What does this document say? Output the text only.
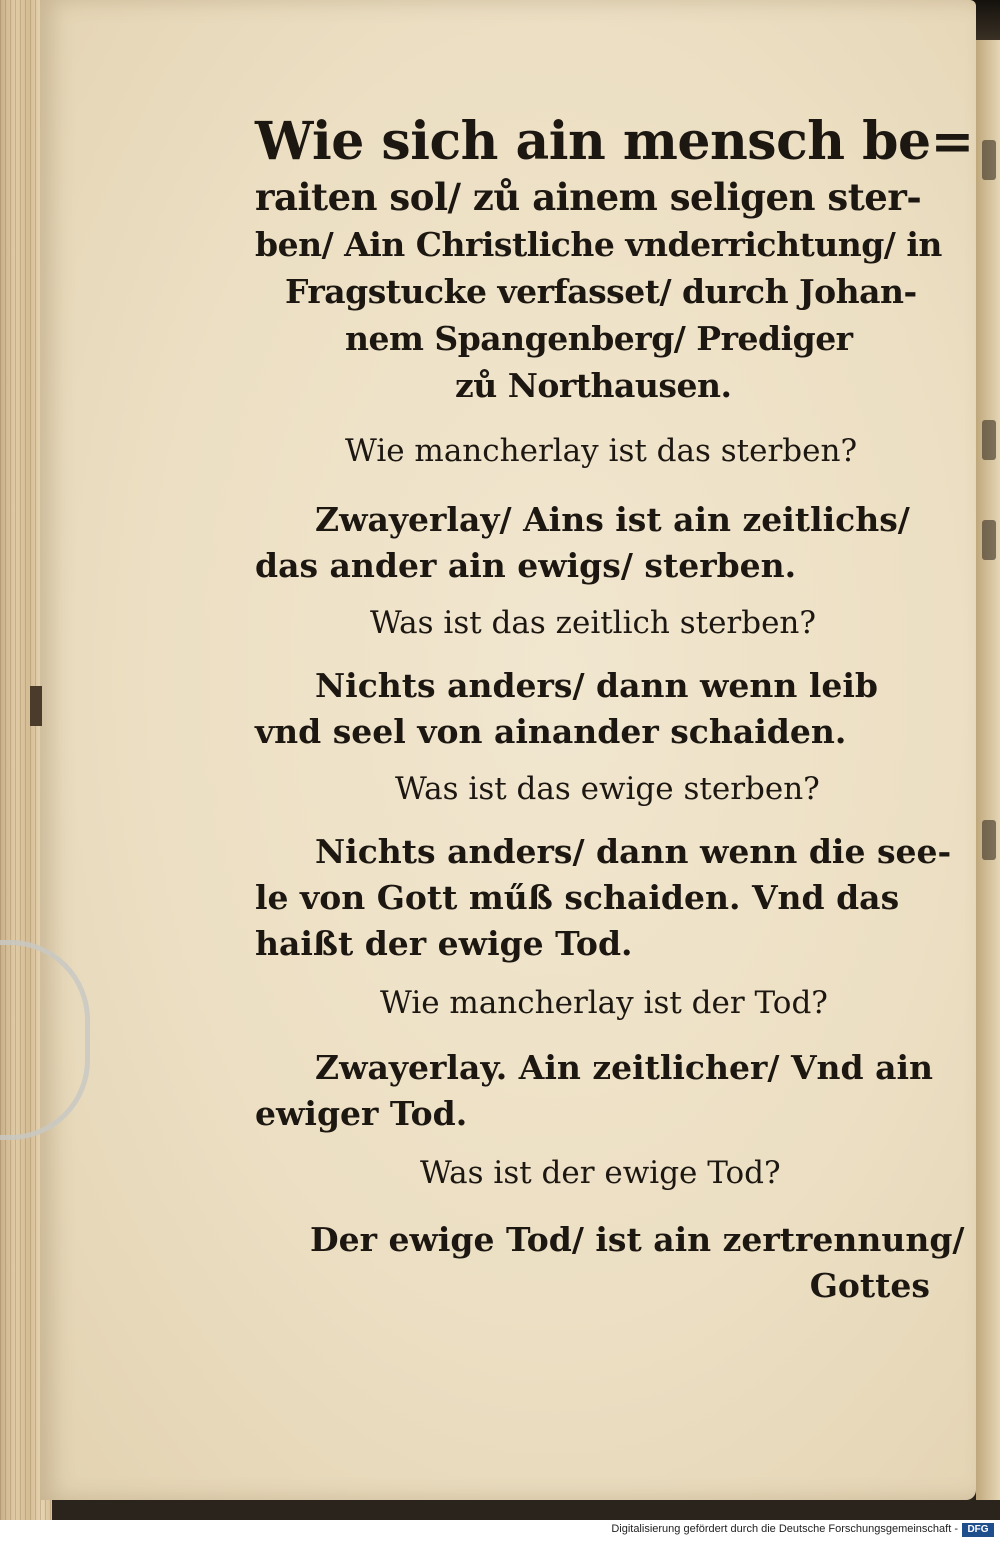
Wie sich ain mensch be=

raiten sol/ zů ainem seligen ster-

ben/ Ain Christliche vnderrichtung/ in

Fragstucke verfasset/ durch Johan-

nem Spangenberg/ Prediger

zů Northausen.

Wie mancherlay ist das sterben?

Zwayerlay/ Ains ist ain zeitlichs/

das ander ain ewigs/ sterben.

Was ist das zeitlich sterben?

Nichts anders/ dann wenn leib

vnd seel von ainander schaiden.

Was ist das ewige sterben?

Nichts anders/ dann wenn die see-

le von Gott műß schaiden. Vnd das

haißt der ewige Tod.

Wie mancherlay ist der Tod?

Zwayerlay. Ain zeitlicher/ Vnd ain

ewiger Tod.

Was ist der ewige Tod?

Der ewige Tod/ ist ain zertrennung/

Gottes

Digitalisierung gefördert durch die Deutsche Forschungsgemeinschaft - DFG
